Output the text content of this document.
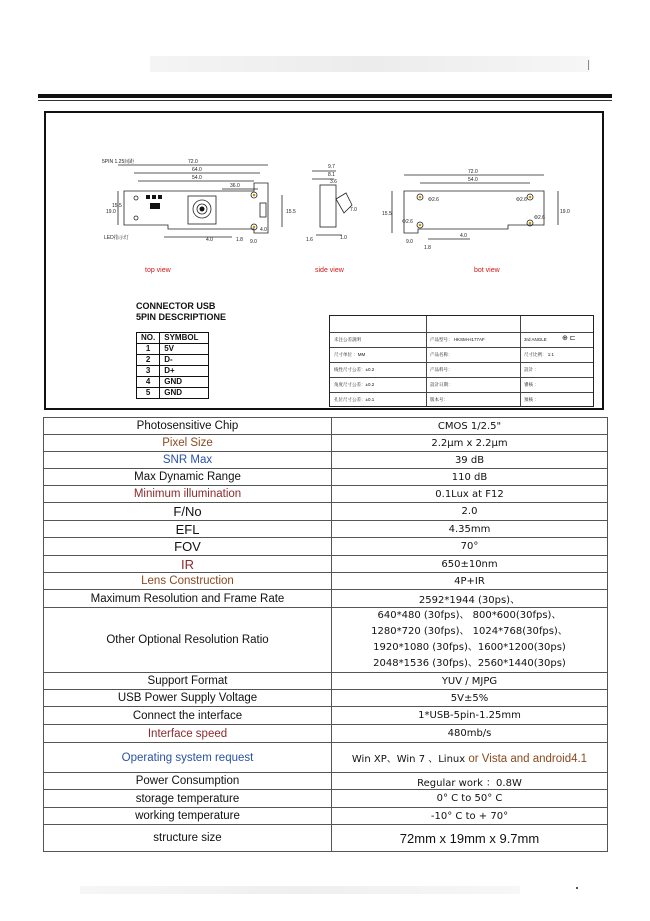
72.0
64.0
54.0
36.0
5PIN 1.25间距
LED指示灯
19.0
15.5
15.5
4.0
4.0	1.8 9.0
9.7
8.1
3.6
1.6	1.0
7.0
72.0
54.0
Φ2.6	Φ2.6
Φ2.6
Φ2.6
15.5	19.0
4.0
9.0
1.8
top view	side view	bot view
CONNECTOR USB
5PIN DESCRIPTIONE
NO.	SYMBOL
1	5V
2	D-
3	D+
4	GND
5	GND
未注公差說明	产品型号： HKSM-H177AF	3rd ANGLE ⊕ ⊏
尺寸单位 ：MM	产品名称：	尺寸比例： 1:1
线性尺寸公差：±0.2	产品料号：	設計 ：
角度尺寸公差：±0.2	設計日期：	審核 ：
孔位尺寸公差：±0.1	版本号：	預核 ：
Photosensitive Chip	CMOS 1/2.5"
Pixel Size	2.2μm x 2.2μm
SNR Max	39 dB
Max Dynamic Range	110 dB
Minimum illumination	0.1Lux at F12
F/No	2.0
EFL	4.35mm
FOV	70°
IR	650±10nm
Lens Construction	4P+IR
Maximum Resolution and Frame Rate	2592*1944 (30ps)、
Other Optional Resolution Ratio	640*480 (30fps)、 800*600(30fps)、
1280*720 (30fps)、 1024*768(30fps)、
1920*1080 (30fps)、1600*1200(30ps)
2048*1536 (30fps)、2560*1440(30ps)

Support Format	YUV / MJPG
USB Power Supply Voltage	5V±5%
Connect the interface	1*USB-5pin-1.25mm
Interface speed	480mb/s
Operating system request	Win XP、Win 7 、Linux or Vista and android4.1
Power Consumption	Regular work ：0.8W
storage temperature	0° C to 50° C
working temperature	-10° C to + 70°
structure size	72mm x 19mm x 9.7mm
